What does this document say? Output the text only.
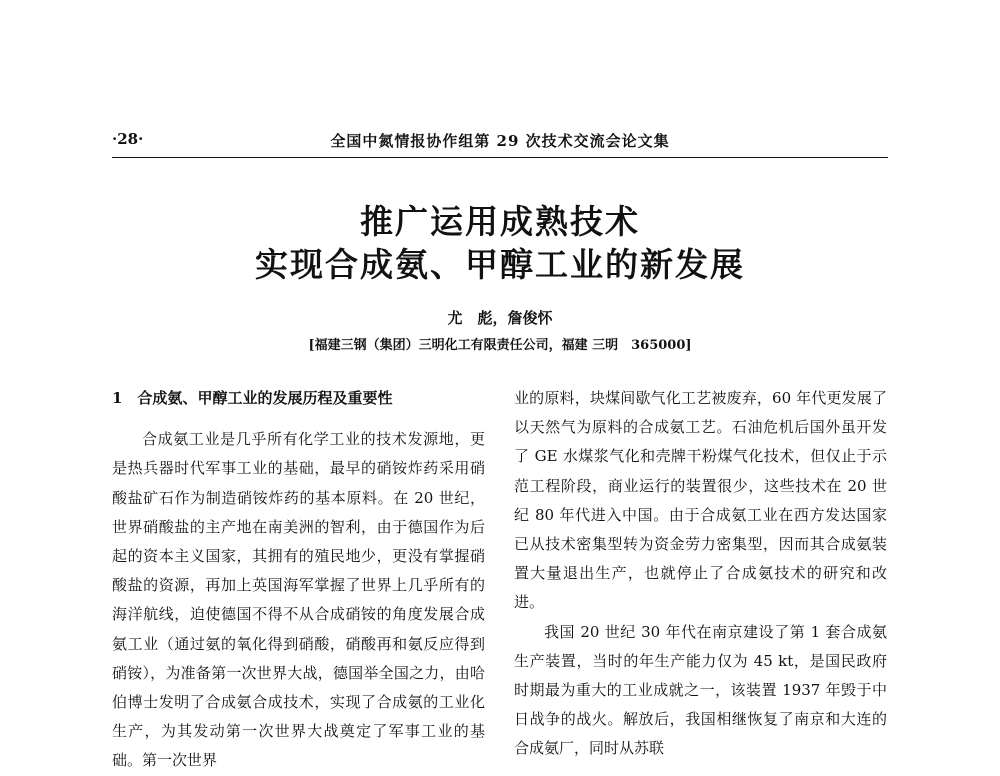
·28·	全国中氮情报协作组第 29 次技术交流会论文集
推广运用成熟技术
实现合成氨、甲醇工业的新发展
尤　彪，詹俊怀
[福建三钢（集团）三明化工有限责任公司，福建 三明　365000]
1　合成氨、甲醇工业的发展历程及重要性

合成氨工业是几乎所有化学工业的技术发源地，更是热兵器时代军事工业的基础，最早的硝铵炸药采用硝酸盐矿石作为制造硝铵炸药的基本原料。在 20 世纪，世界硝酸盐的主产地在南美洲的智利，由于德国作为后起的资本主义国家，其拥有的殖民地少，更没有掌握硝酸盐的资源，再加上英国海军掌握了世界上几乎所有的海洋航线，迫使德国不得不从合成硝铵的角度发展合成氨工业（通过氨的氧化得到硝酸，硝酸再和氨反应得到硝铵），为准备第一次世界大战，德国举全国之力，由哈伯博士发明了合成氨合成技术，实现了合成氨的工业化生产，为其发动第一次世界大战奠定了军事工业的基础。第一次世界

业的原料，块煤间歇气化工艺被废弃，60 年代更发展了以天然气为原料的合成氨工艺。石油危机后国外虽开发了 GE 水煤浆气化和壳牌干粉煤气化技术，但仅止于示范工程阶段，商业运行的装置很少，这些技术在 20 世纪 80 年代进入中国。由于合成氨工业在西方发达国家已从技术密集型转为资金劳力密集型，因而其合成氨装置大量退出生产，也就停止了合成氨技术的研究和改进。

我国 20 世纪 30 年代在南京建设了第 1 套合成氨生产装置，当时的年生产能力仅为 45 kt，是国民政府时期最为重大的工业成就之一，该装置 1937 年毁于中日战争的战火。解放后，我国相继恢复了南京和大连的合成氨厂，同时从苏联
